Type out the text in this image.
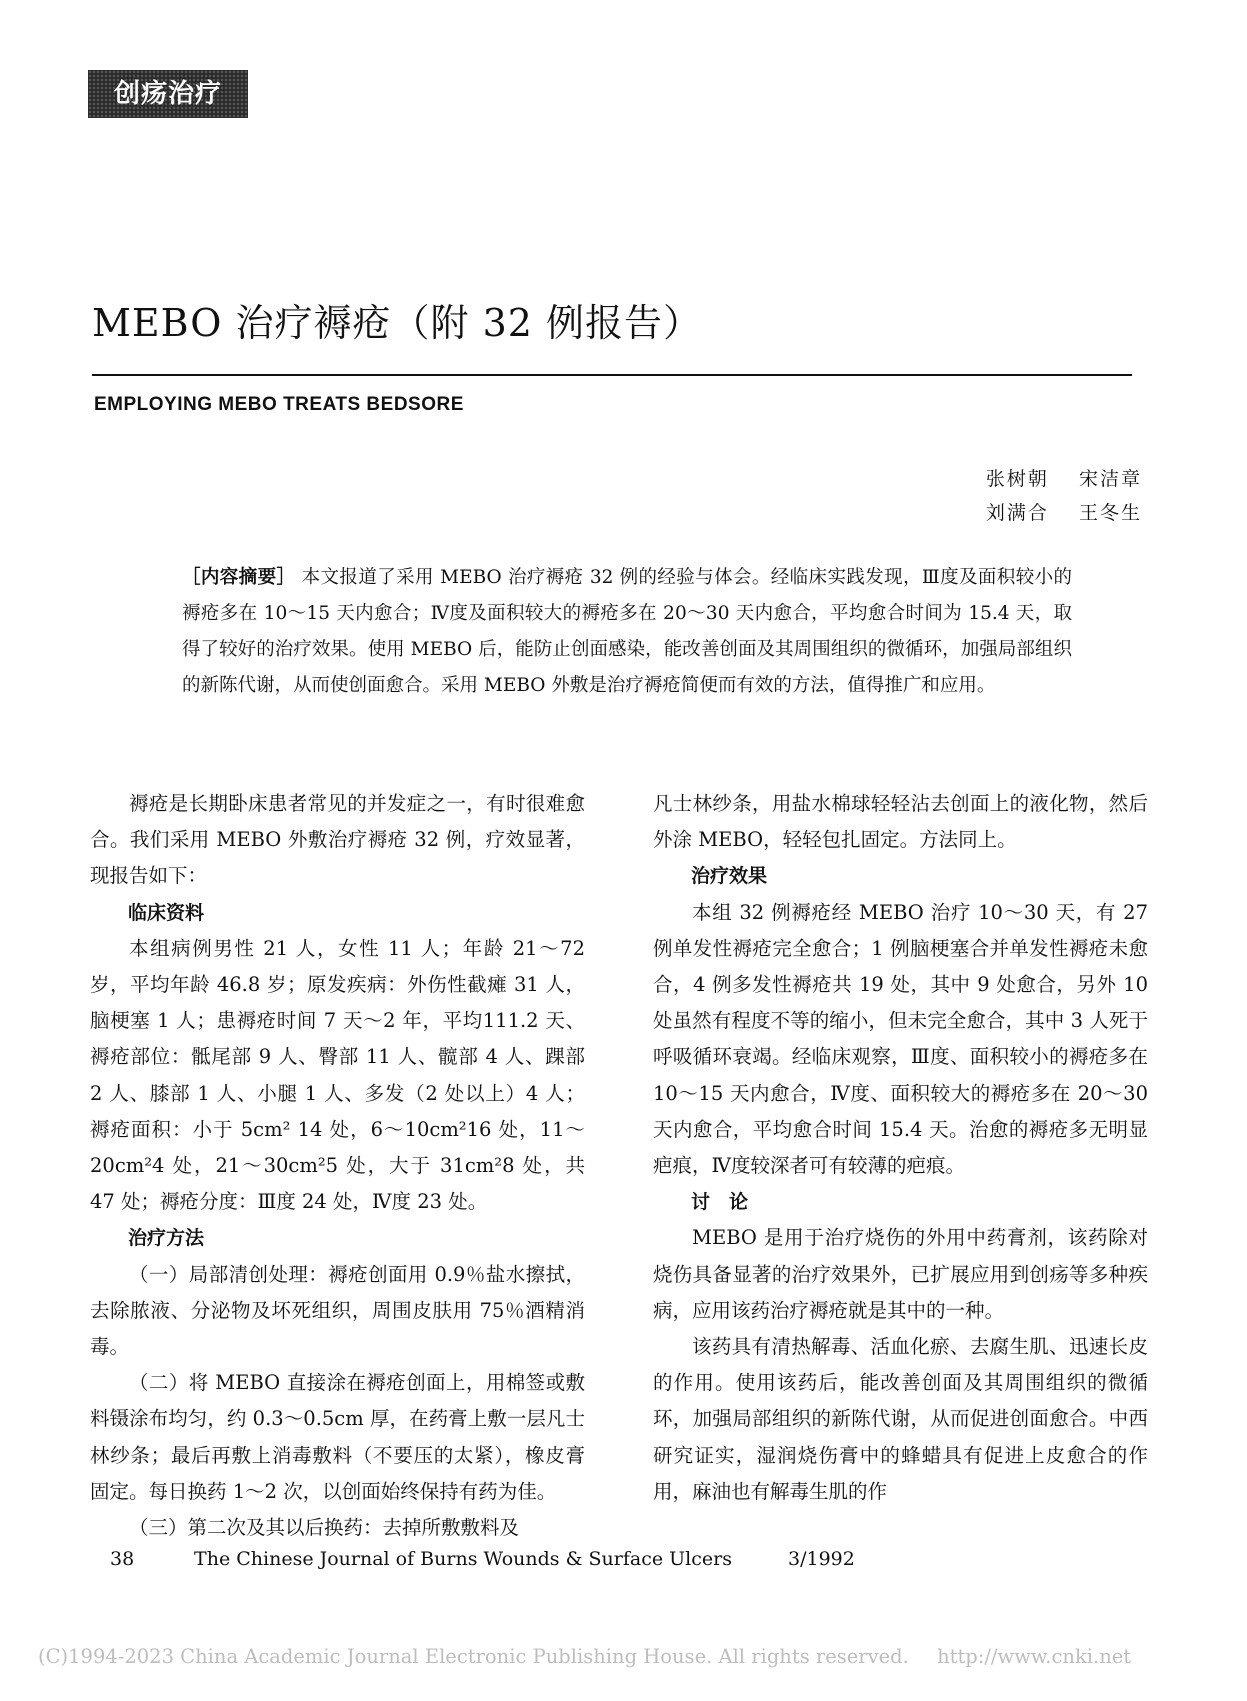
创疡治疗
MEBO 治疗褥疮（附 32 例报告）
EMPLOYING MEBO TREATS BEDSORE
张树朝 宋洁章
刘满合 王冬生
［内容摘要］ 本文报道了采用 MEBO 治疗褥疮 32 例的经验与体会。经临床实践发现，Ⅲ度及面积较小的褥疮多在 10～15 天内愈合；Ⅳ度及面积较大的褥疮多在 20～30 天内愈合，平均愈合时间为 15.4 天，取得了较好的治疗效果。使用 MEBO 后，能防止创面感染，能改善创面及其周围组织的微循环，加强局部组织的新陈代谢，从而使创面愈合。采用 MEBO 外敷是治疗褥疮简便而有效的方法，值得推广和应用。

褥疮是长期卧床患者常见的并发症之一，有时很难愈合。我们采用 MEBO 外敷治疗褥疮 32 例，疗效显著，现报告如下：

临床资料

本组病例男性 21 人，女性 11 人；年龄 21～72 岁，平均年龄 46.8 岁；原发疾病：外伤性截瘫 31 人，脑梗塞 1 人；患褥疮时间 7 天～2 年，平均111.2 天、褥疮部位：骶尾部 9 人、臀部 11 人、髋部 4 人、踝部 2 人、膝部 1 人、小腿 1 人、多发（2 处以上）4 人；褥疮面积：小于 5cm² 14 处，6～10cm²16 处，11～20cm²4 处，21～30cm²5 处，大于 31cm²8 处，共 47 处；褥疮分度：Ⅲ度 24 处，Ⅳ度 23 处。

治疗方法

（一）局部清创处理：褥疮创面用 0.9％盐水擦拭，去除脓液、分泌物及坏死组织，周围皮肤用 75％酒精消毒。

（二）将 MEBO 直接涂在褥疮创面上，用棉签或敷料镊涂布均匀，约 0.3～0.5cm 厚，在药膏上敷一层凡士林纱条；最后再敷上消毒敷料（不要压的太紧），橡皮膏固定。每日换药 1～2 次，以创面始终保持有药为佳。

（三）第二次及其以后换药：去掉所敷敷料及

凡士林纱条，用盐水棉球轻轻沾去创面上的液化物，然后外涂 MEBO，轻轻包扎固定。方法同上。

治疗效果

本组 32 例褥疮经 MEBO 治疗 10～30 天，有 27 例单发性褥疮完全愈合；1 例脑梗塞合并单发性褥疮未愈合，4 例多发性褥疮共 19 处，其中 9 处愈合，另外 10 处虽然有程度不等的缩小，但未完全愈合，其中 3 人死于呼吸循环衰竭。经临床观察，Ⅲ度、面积较小的褥疮多在 10～15 天内愈合，Ⅳ度、面积较大的褥疮多在 20～30 天内愈合，平均愈合时间 15.4 天。治愈的褥疮多无明显疤痕，Ⅳ度较深者可有较薄的疤痕。

讨　论

MEBO 是用于治疗烧伤的外用中药膏剂，该药除对烧伤具备显著的治疗效果外，已扩展应用到创疡等多种疾病，应用该药治疗褥疮就是其中的一种。

该药具有清热解毒、活血化瘀、去腐生肌、迅速长皮的作用。使用该药后，能改善创面及其周围组织的微循环，加强局部组织的新陈代谢，从而促进创面愈合。中西研究证实，湿润烧伤膏中的蜂蜡具有促进上皮愈合的作用，麻油也有解毒生肌的作

38	The Chinese Journal of Burns Wounds & Surface Ulcers	3/1992
(C)1994-2023 China Academic Journal Electronic Publishing House. All rights reserved. http://www.cnki.net
